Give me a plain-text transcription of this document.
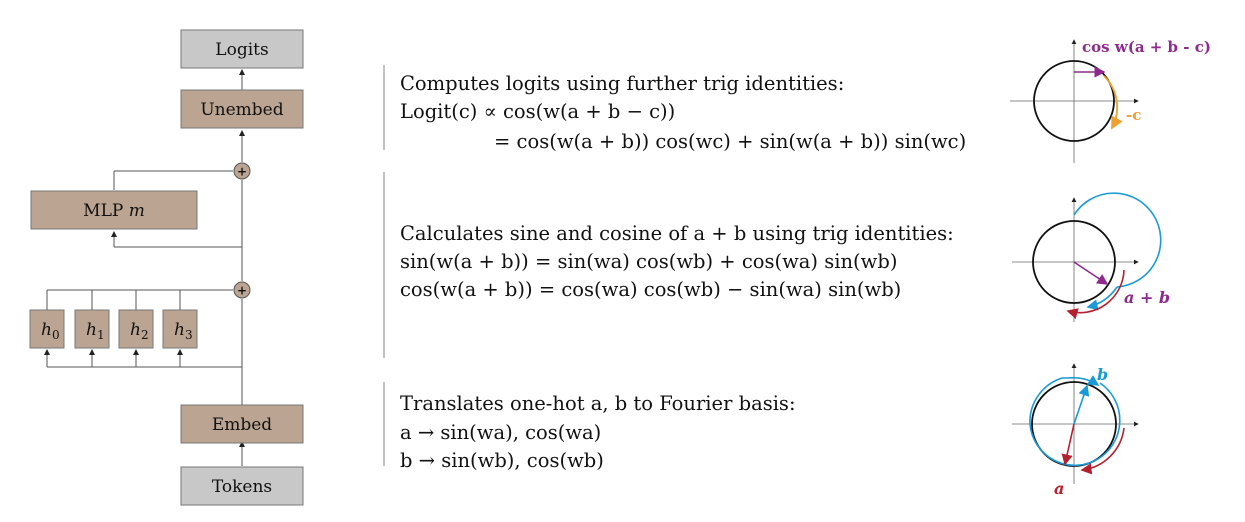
Logits
Unembed
+
MLP m
+
$h_0$ $h_1$ $h_2$ $h_3$
Embed
Tokens
Computes logits using further trig identities:
Logit(c) ∝ cos(w(a + b − c))
= cos(w(a + b)) cos(wc) + sin(w(a + b)) sin(wc)
Calculates sine and cosine of a + b using trig identities:
sin(w(a + b)) = sin(wa) cos(wb) + cos(wa) sin(wb)
cos(w(a + b)) = cos(wa) cos(wb) − sin(wa) sin(wb)
Translates one-hot a, b to Fourier basis:
a → sin(wa), cos(wa)
b → sin(wb), cos(wb)
cos w(a + b - c)
-c
a + b
b
a
